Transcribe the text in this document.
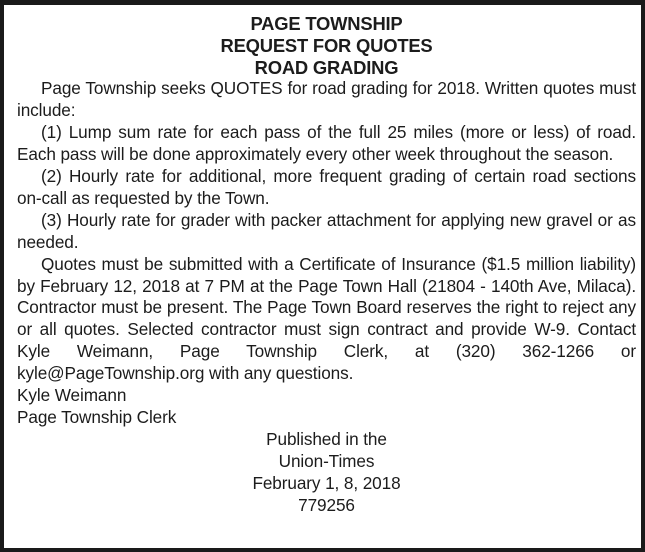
PAGE TOWNSHIP
REQUEST FOR QUOTES
ROAD GRADING

Page Township seeks QUOTES for road grading for 2018. Written quotes must include:

(1) Lump sum rate for each pass of the full 25 miles (more or less) of road. Each pass will be done approximately every other week throughout the season.

(2) Hourly rate for additional, more frequent grading of certain road sections on-call as requested by the Town.

(3) Hourly rate for grader with packer attachment for applying new gravel or as needed.

Quotes must be submitted with a Certificate of Insurance ($1.5 million liability) by February 12, 2018 at 7 PM at the Page Town Hall (21804 - 140th Ave, Milaca). Contractor must be present. The Page Town Board reserves the right to reject any or all quotes. Selected contractor must sign contract and provide W-9. Contact Kyle Weimann, Page Township Clerk, at (320) 362-1266 or kyle@PageTownship.org with any questions.

Kyle Weimann

Page Township Clerk

Published in the

Union-Times

February 1, 8, 2018

779256
